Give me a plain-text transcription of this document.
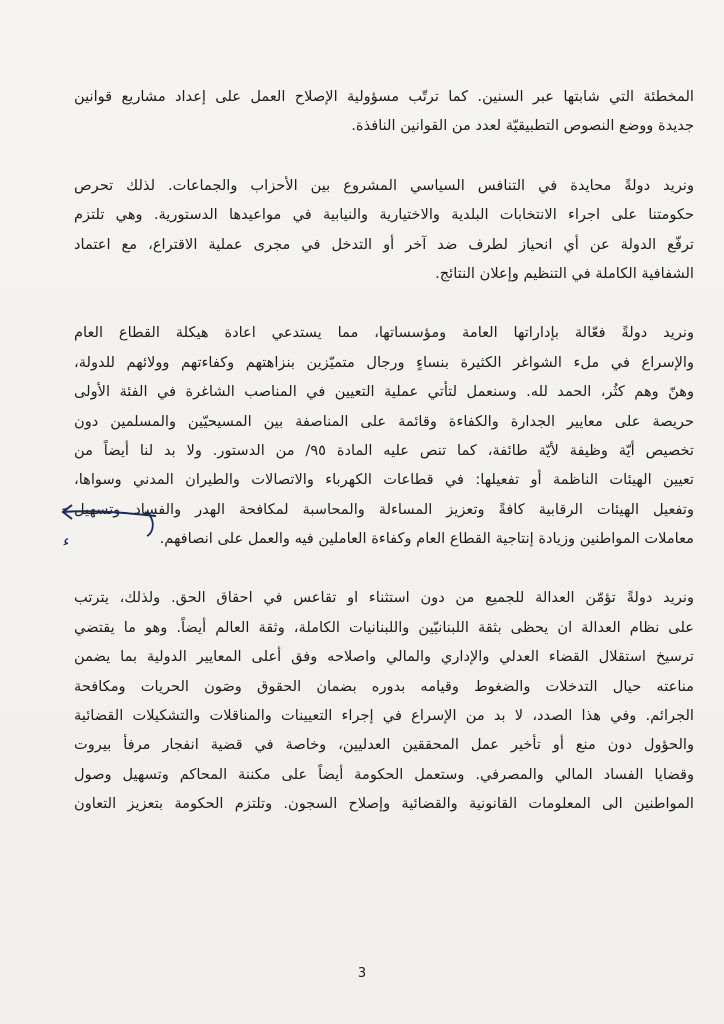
المخطئة التي شابتها عبر السنين. كما ترتّب مسؤولية الإصلاح العمل على إعداد مشاريع قوانين
جديدة ووضع النصوص التطبيقيّة لعدد من القوانين النافذة.
ونريد دولةً محايدة في التنافس السياسي المشروع بين الأحزاب والجماعات. لذلك تحرص
حكومتنا على اجراء الانتخابات البلدية والاختيارية والنيابية في مواعيدها الدستورية. وهي تلتزم
ترفّع الدولة عن أي انحياز لطرف ضد آخر أو التدخل في مجرى عملية الاقتراع، مع اعتماد
الشفافية الكاملة في التنظيم وإعلان النتائج.
ونريد دولةً فعّالة بإداراتها العامة ومؤسساتها، مما يستدعي اعادة هيكلة القطاع العام
والإسراع في ملء الشواغر الكثيرة بنساءٍ ورجال متميّزين بنزاهتهم وكفاءتهم وولائهم للدولة،
وهنّ وهم كثُر، الحمد لله. وسنعمل لتأتي عملية التعيين في المناصب الشاغرة في الفئة الأولى
حريصة على معايير الجدارة والكفاءة وقائمة على المناصفة بين المسيحيّين والمسلمين دون
تخصيص أيّة وظيفة لأيّة طائفة، كما تنص عليه المادة ٩٥/ من الدستور. ولا بد لنا أيضاً من
تعيين الهيئات الناظمة أو تفعيلها: في قطاعات الكهرباء والاتصالات والطيران المدني وسواها،
وتفعيل الهيئات الرقابية كافةً وتعزيز المساءلة والمحاسبة لمكافحة الهدر والفساد وتسهيل
معاملات المواطنين وزيادة إنتاجية القطاع العام وكفاءة العاملين فيه والعمل على انصافهم.
ونريد دولةً تؤمّن العدالة للجميع من دون استثناء او تقاعس في احقاق الحق. ولذلك، يترتب
على نظام العدالة ان يحظى بثقة اللبنانيّين واللبنانيات الكاملة، وثقة العالم أيضاً. وهو ما يقتضي
ترسيخ استقلال القضاء العدلي والإداري والمالي واصلاحه وفق أعلى المعايير الدولية بما يضمن
مناعته حيال التدخلات والضغوط وقيامه بدوره بضمان الحقوق وصَون الحريات ومكافحة
الجرائم. وفي هذا الصدد، لا بد من الإسراع في إجراء التعيينات والمناقلات والتشكيلات القضائية
والحؤول دون منع أو تأخير عمل المحققين العدليين، وخاصة في قضية انفجار مرفأ بيروت
وقضايا الفساد المالي والمصرفي. وستعمل الحكومة أيضاً على مكننة المحاكم وتسهيل وصول
المواطنين الى المعلومات القانونية والقضائية وإصلاح السجون. وتلتزم الحكومة بتعزيز التعاون
3
